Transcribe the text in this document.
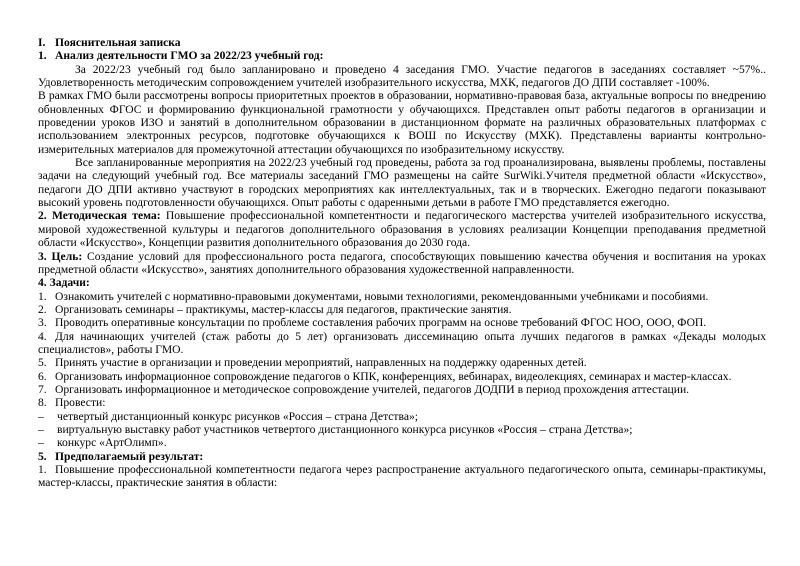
I. Пояснительная записка

1. Анализ деятельности ГМО за 2022/23 учебный год:

За 2022/23 учебный год было запланировано и проведено 4 заседания ГМО. Участие педагогов в заседаниях составляет ~57%.. Удовлетворенность методическим сопровождением учителей изобразительного искусства, МХК, педагогов ДО ДПИ составляет -100%.

В рамках ГМО были рассмотрены вопросы приоритетных проектов в образовании, нормативно-правовая база, актуальные вопросы по внедрению обновленных ФГОС и формированию функциональной грамотности у обучающихся. Представлен опыт работы педагогов в организации и проведении уроков ИЗО и занятий в дополнительном образовании в дистанционном формате на различных образовательных платформах с использованием электронных ресурсов, подготовке обучающихся к ВОШ по Искусству (МХК). Представлены варианты контрольно-измерительных материалов для промежуточной аттестации обучающихся по изобразительному искусству.

Все запланированные мероприятия на 2022/23 учебный год проведены, работа за год проанализирована, выявлены проблемы, поставлены задачи на следующий учебный год. Все материалы заседаний ГМО размещены на сайте SurWiki.Учителя предметной области «Искусство», педагоги ДО ДПИ активно участвуют в городских мероприятиях как интеллектуальных, так и в творческих. Ежегодно педагоги показывают высокий уровень подготовленности обучающихся. Опыт работы с одаренными детьми в работе ГМО представляется ежегодно.

2. Методическая тема: Повышение профессиональной компетентности и педагогического мастерства учителей изобразительного искусства, мировой художественной культуры и педагогов дополнительного образования в условиях реализации Концепции преподавания предметной области «Искусство», Концепции развития дополнительного образования до 2030 года.

3. Цель: Создание условий для профессионального роста педагога, способствующих повышению качества обучения и воспитания на уроках предметной области «Искусство», занятиях дополнительного образования художественной направленности.

4. Задачи:

1. Ознакомить учителей с нормативно-правовыми документами, новыми технологиями, рекомендованными учебниками и пособиями.

2. Организовать семинары – практикумы, мастер-классы для педагогов, практические занятия.

3. Проводить оперативные консультации по проблеме составления рабочих программ на основе требований ФГОС НОО, ООО, ФОП.

4. Для начинающих учителей (стаж работы до 5 лет) организовать диссеминацию опыта лучших педагогов в рамках «Декады молодых специалистов», работы ГМО.

5. Принять участие в организации и проведении мероприятий, направленных на поддержку одаренных детей.

6. Организовать информационное сопровождение педагогов о КПК, конференциях, вебинарах, видеолекциях, семинарах и мастер-классах.

7. Организовать информационное и методическое сопровождение учителей, педагогов ДОДПИ в период прохождения аттестации.

8. Провести:

– четвертый дистанционный конкурс рисунков «Россия – страна Детства»;

– виртуальную выставку работ участников четвертого дистанционного конкурса рисунков «Россия – страна Детства»;

– конкурс «АртОлимп».

5. Предполагаемый результат:

1. Повышение профессиональной компетентности педагога через распространение актуального педагогического опыта, семинары-практикумы, мастер-классы, практические занятия в области:
